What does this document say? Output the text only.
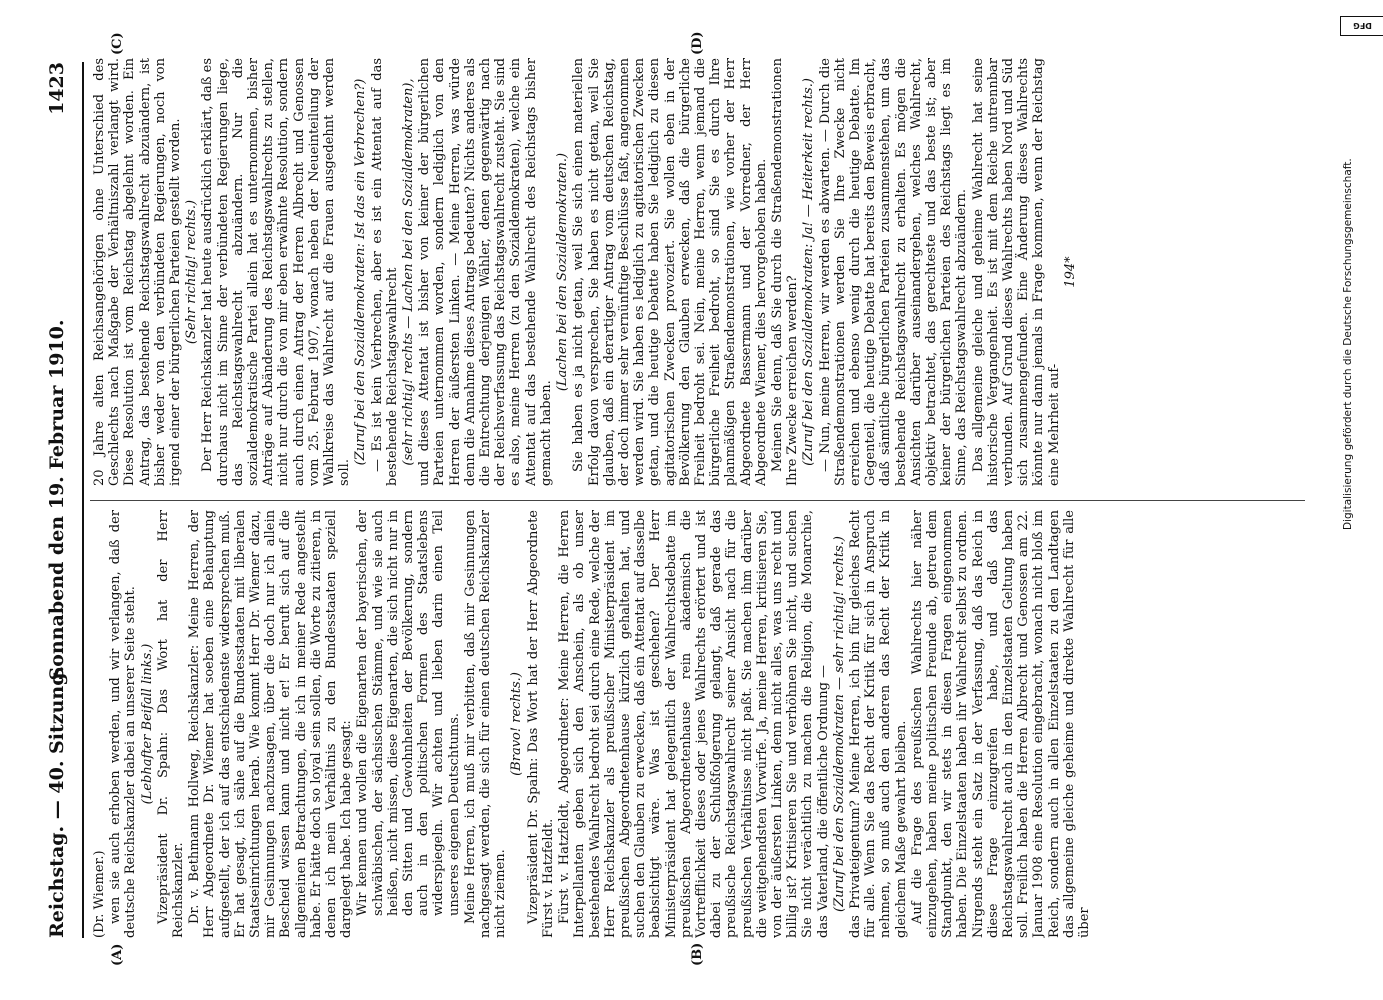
Reichstag. — 40. Sitzung.
Sonnabend den 19. Februar 1910.
1423
(A)	(B)
(C)	(D)

(Dr. Wiemer.) wen sie auch erhoben werden, und wir verlangen, daß der deutsche Reichskanzler dabei an unserer Seite steht. (Lebhafter Beifall links.) Vizepräsident Dr. Spahn: Das Wort hat der Herr Reichskanzler. Dr. v. Bethmann Hollweg, Reichskanzler: Meine Herren, der Herr Abgeordnete Dr. Wiemer hat soeben eine Behauptung aufgestellt, der ich auf das entschiedenste widersprechen muß. Er hat gesagt, ich sähe auf die Bundesstaaten mit liberalen Staatseinrichtungen herab. Wie kommt Herr Dr. Wiemer dazu, mir Gesinnungen nachzusagen, über die doch nur ich allein Bescheid wissen kann und nicht er! Er beruft sich auf die allgemeinen Betrachtungen, die ich in meiner Rede angestellt habe. Er hätte doch so loyal sein sollen, die Worte zu zitieren, in denen ich mein Verhältnis zu den Bundesstaaten speziell dargelegt habe. Ich habe gesagt: Wir kennen und wollen die Eigenarten der bayerischen, der schwäbischen, der sächsischen Stämme, und wie sie auch heißen, nicht missen, diese Eigenarten, die sich nicht nur in den Sitten und Gewohnheiten der Bevölkerung, sondern auch in den politischen Formen des Staatslebens widerspiegeln. Wir achten und lieben darin einen Teil unseres eigenen Deutschtums. Meine Herren, ich muß mir verbitten, daß mir Gesinnungen nachgesagt werden, die sich für einen deutschen Reichskanzler nicht ziemen.

(Bravo! rechts.) Vizepräsident Dr. Spahn: Das Wort hat der Herr Abgeordnete Fürst v. Hatzfeldt. Fürst v. Hatzfeldt, Abgeordneter: Meine Herren, die Herren Interpellanten geben sich den Anschein, als ob unser bestehendes Wahlrecht bedroht sei durch eine Rede, welche der Herr Reichskanzler als preußischer Ministerpräsident im preußischen Abgeordnetenhause kürzlich gehalten hat, und suchen den Glauben zu erwecken, daß ein Attentat auf dasselbe beabsichtigt wäre. Was ist geschehen? Der Herr Ministerpräsident hat gelegentlich der Wahlrechtsdebatte im preußischen Abgeordnetenhause rein akademisch die Vortrefflichkeit dieses oder jenes Wahlrechts erörtert und ist dabei zu der Schlußfolgerung gelangt, daß gerade das preußische Reichstagswahlrecht seiner Ansicht nach für die preußischen Verhältnisse nicht paßt. Sie machen ihm darüber die weitgehendsten Vorwürfe. Ja, meine Herren, kritisieren Sie, von der äußersten Linken, denn nicht alles, was uns recht und billig ist? Kritisieren Sie und verhöhnen Sie nicht, und suchen Sie nicht verächtlich zu machen die Religion, die Monarchie, das Vaterland, die öffentliche Ordnung — (Zuruf bei den Sozialdemokraten — sehr richtig! rechts.) das Privateigentum? Meine Herren, ich bin für gleiches Recht für alle. Wenn Sie das Recht der Kritik für sich in Anspruch nehmen, so muß auch den anderen das Recht der Kritik in gleichem Maße gewahrt bleiben. Auf die Frage des preußischen Wahlrechts hier näher einzugehen, haben meine politischen Freunde ab, getreu dem Standpunkt, den wir stets in diesen Fragen eingenommen haben. Die Einzelstaaten haben ihr Wahlrecht selbst zu ordnen. Nirgends steht ein Satz in der Verfassung, daß das Reich in diese Frage einzugreifen habe, und daß das Reichstagswahlrecht auch in den Einzelstaaten Geltung haben soll. Freilich haben die Herren Albrecht und Genossen am 22. Januar 1908 eine Resolution eingebracht, wonach nicht bloß im Reich, sondern auch in allen Einzelstaaten zu den Landtagen das allgemeine gleiche geheime und direkte Wahlrecht für alle über

20 Jahre alten Reichsangehörigen ohne Unterschied des Geschlechts nach Maßgabe der Verhältniszahl verlangt wird. Diese Resolution ist vom Reichstag abgelehnt worden. Ein Antrag, das bestehende Reichstagswahlrecht abzuändern, ist bisher weder von den verbündeten Regierungen, noch von irgend einer der bürgerlichen Parteien gestellt worden. (Sehr richtig! rechts.) Der Herr Reichskanzler hat heute ausdrücklich erklärt, daß es durchaus nicht im Sinne der verbündeten Regierungen liege, das Reichstagswahlrecht abzuändern. Nur die sozialdemokratische Partei allein hat es unternommen, bisher Anträge auf Abänderung des Reichstagswahlrechts zu stellen, nicht nur durch die von mir eben erwähnte Resolution, sondern auch durch einen Antrag der Herren Albrecht und Genossen vom 25. Februar 1907, wonach neben der Neueinteilung der Wahlkreise das Wahlrecht auf die Frauen ausgedehnt werden soll.

(Zuruf bei den Sozialdemokraten: Ist das ein Verbrechen?) — Es ist kein Verbrechen, aber es ist ein Attentat auf das bestehende Reichstagswahlrecht (sehr richtig! rechts — Lachen bei den Sozialdemokraten), und dieses Attentat ist bisher von keiner der bürgerlichen Parteien unternommen worden, sondern lediglich von den Herren der äußersten Linken. — Meine Herren, was würde denn die Annahme dieses Antrags bedeuten? Nichts anderes als die Entrechtung derjenigen Wähler, denen gegenwärtig nach der Reichsverfassung das Reichstagswahlrecht zusteht. Sie sind es also, meine Herren (zu den Sozialdemokraten), welche ein Attentat auf das bestehende Wahlrecht des Reichstags bisher gemacht haben.

(Lachen bei den Sozialdemokraten.) Sie haben es ja nicht getan, weil Sie sich einen materiellen Erfolg davon versprechen, Sie haben es nicht getan, weil Sie glauben, daß ein derartiger Antrag vom deutschen Reichstag, der doch immer sehr vernünftige Beschlüsse faßt, angenommen werden wird. Sie haben es lediglich zu agitatorischen Zwecken getan, und die heutige Debatte haben Sie lediglich zu diesen agitatorischen Zwecken provoziert. Sie wollen eben in der Bevölkerung den Glauben erwecken, daß die bürgerliche Freiheit bedroht sei. Nein, meine Herren, wenn jemand die bürgerliche Freiheit bedroht, so sind Sie es durch Ihre planmäßigen Straßendemonstrationen, wie vorher der Herr Abgeordnete Bassermann und der Vorredner, der Herr Abgeordnete Wiemer, dies hervorgehoben haben. Meinen Sie denn, daß Sie durch die Straßendemonstrationen Ihre Zwecke erreichen werden? (Zuruf bei den Sozialdemokraten: Ja! — Heiterkeit rechts.) — Nun, meine Herren, wir werden es abwarten. — Durch die Straßendemonstrationen werden Sie Ihre Zwecke nicht erreichen und ebenso wenig durch die heutige Debatte. Im Gegenteil, die heutige Debatte hat bereits den Beweis erbracht, daß sämtliche bürgerlichen Parteien zusammenstehen, um das bestehende Reichstagswahlrecht zu erhalten. Es mögen die Ansichten darüber auseinandergehen, welches Wahlrecht, objektiv betrachtet, das gerechteste und das beste ist; aber keiner der bürgerlichen Parteien des Reichstags liegt es im Sinne, das Reichstagswahlrecht abzuändern. Das allgemeine gleiche und geheime Wahlrecht hat seine historische Vergangenheit. Es ist mit dem Reiche untrennbar verbunden. Auf Grund dieses Wahlrechts haben Nord und Süd sich zusammengefunden. Eine Änderung dieses Wahlrechts könnte nur dann jemals in Frage kommen, wenn der Reichstag eine Mehrheit auf-

194*	Digitalisierung gefördert durch die Deutsche Forschungsgemeinschaft.
DFG
